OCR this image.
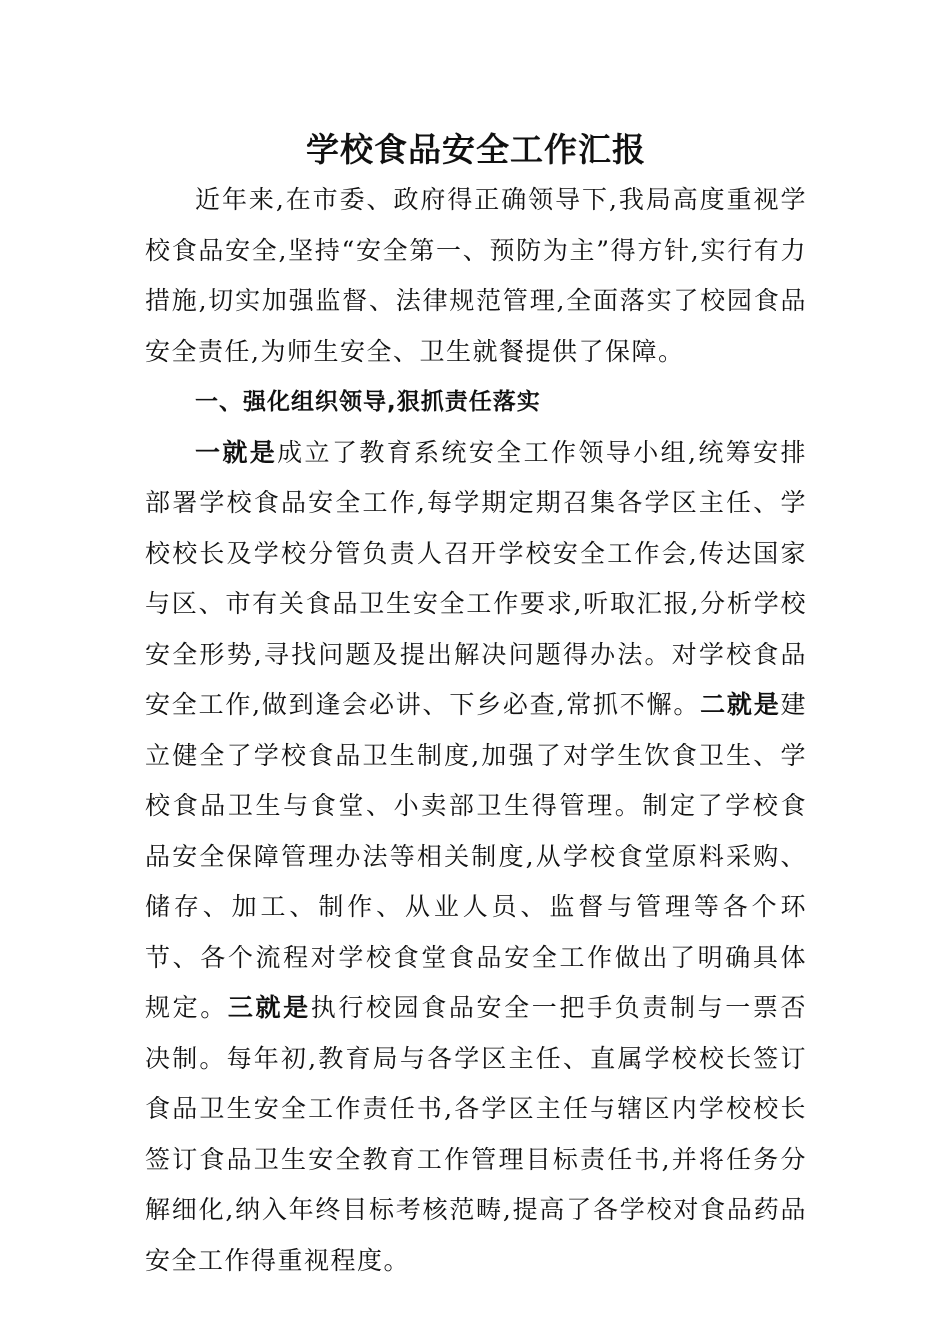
学校食品安全工作汇报

近年来,在市委、政府得正确领导下,我局高度重视学校食品安全,坚持“安全第一、预防为主”得方针,实行有力措施,切实加强监督、法律规范管理,全面落实了校园食品安全责任,为师生安全、卫生就餐提供了保障。

一、强化组织领导,狠抓责任落实

一就是成立了教育系统安全工作领导小组,统筹安排部署学校食品安全工作,每学期定期召集各学区主任、学校校长及学校分管负责人召开学校安全工作会,传达国家与区、市有关食品卫生安全工作要求,听取汇报,分析学校安全形势,寻找问题及提出解决问题得办法。对学校食品安全工作,做到逢会必讲、下乡必查,常抓不懈。二就是建立健全了学校食品卫生制度,加强了对学生饮食卫生、学校食品卫生与食堂、小卖部卫生得管理。制定了学校食品安全保障管理办法等相关制度,从学校食堂原料采购、储存、加工、制作、从业人员、监督与管理等各个环节、各个流程对学校食堂食品安全工作做出了明确具体规定。三就是执行校园食品安全一把手负责制与一票否决制。每年初,教育局与各学区主任、直属学校校长签订食品卫生安全工作责任书,各学区主任与辖区内学校校长签订食品卫生安全教育工作管理目标责任书,并将任务分解细化,纳入年终目标考核范畴,提高了各学校对食品药品安全工作得重视程度。
